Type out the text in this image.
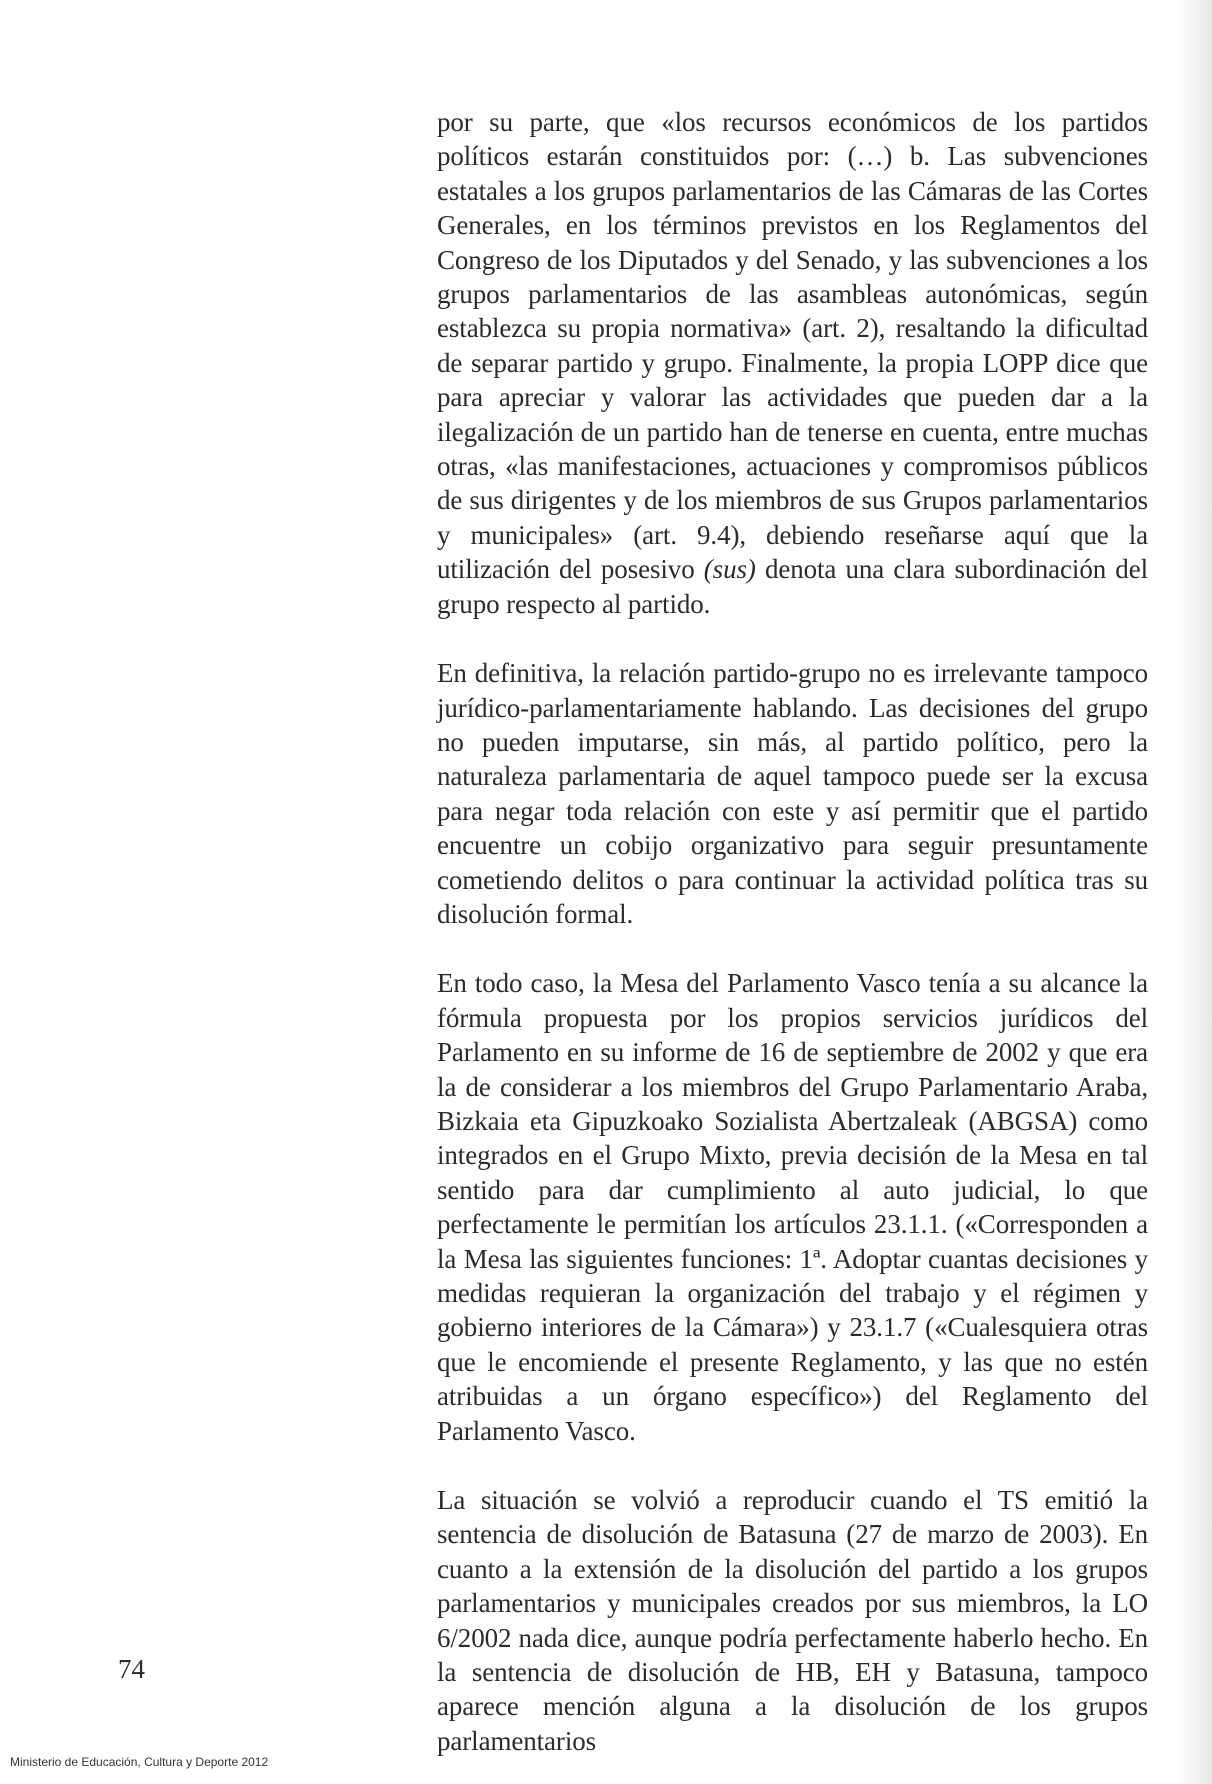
por su parte, que «los recursos económicos de los partidos políticos estarán constituidos por: (…) b. Las subvenciones estatales a los grupos parlamentarios de las Cámaras de las Cortes Generales, en los términos previstos en los Reglamentos del Congreso de los Diputados y del Senado, y las subvenciones a los grupos parlamentarios de las asambleas autonómicas, según establezca su propia normativa» (art. 2), resaltando la dificultad de separar partido y grupo. Finalmente, la propia LOPP dice que para apreciar y valorar las actividades que pueden dar a la ilegalización de un partido han de tenerse en cuenta, entre muchas otras, «las manifestaciones, actuaciones y compromisos públicos de sus dirigentes y de los miembros de sus Grupos parlamentarios y municipales» (art. 9.4), debiendo reseñarse aquí que la utilización del posesivo (sus) denota una clara subordinación del grupo respecto al partido.

En definitiva, la relación partido-grupo no es irrelevante tampoco jurídico-parlamentariamente hablando. Las decisiones del grupo no pueden imputarse, sin más, al partido político, pero la naturaleza parlamentaria de aquel tampoco puede ser la excusa para negar toda relación con este y así permitir que el partido encuentre un cobijo organizativo para seguir presuntamente cometiendo delitos o para continuar la actividad política tras su disolución formal.

En todo caso, la Mesa del Parlamento Vasco tenía a su alcance la fórmula propuesta por los propios servicios jurídicos del Parlamento en su informe de 16 de septiembre de 2002 y que era la de considerar a los miembros del Grupo Parlamentario Araba, Bizkaia eta Gipuzkoako Sozialista Abertzaleak (ABGSA) como integrados en el Grupo Mixto, previa decisión de la Mesa en tal sentido para dar cumplimiento al auto judicial, lo que perfectamente le permitían los artículos 23.1.1. («Corresponden a la Mesa las siguientes funciones: 1ª. Adoptar cuantas decisiones y medidas requieran la organización del trabajo y el régimen y gobierno interiores de la Cámara») y 23.1.7 («Cualesquiera otras que le encomiende el presente Reglamento, y las que no estén atribuidas a un órgano específico») del Reglamento del Parlamento Vasco.

La situación se volvió a reproducir cuando el TS emitió la sentencia de disolución de Batasuna (27 de marzo de 2003). En cuanto a la extensión de la disolución del partido a los grupos parlamentarios y municipales creados por sus miembros, la LO 6/2002 nada dice, aunque podría perfectamente haberlo hecho. En la sentencia de disolución de HB, EH y Batasuna, tampoco aparece mención alguna a la disolución de los grupos parlamentarios

74
Ministerio de Educación, Cultura y Deporte 2012
